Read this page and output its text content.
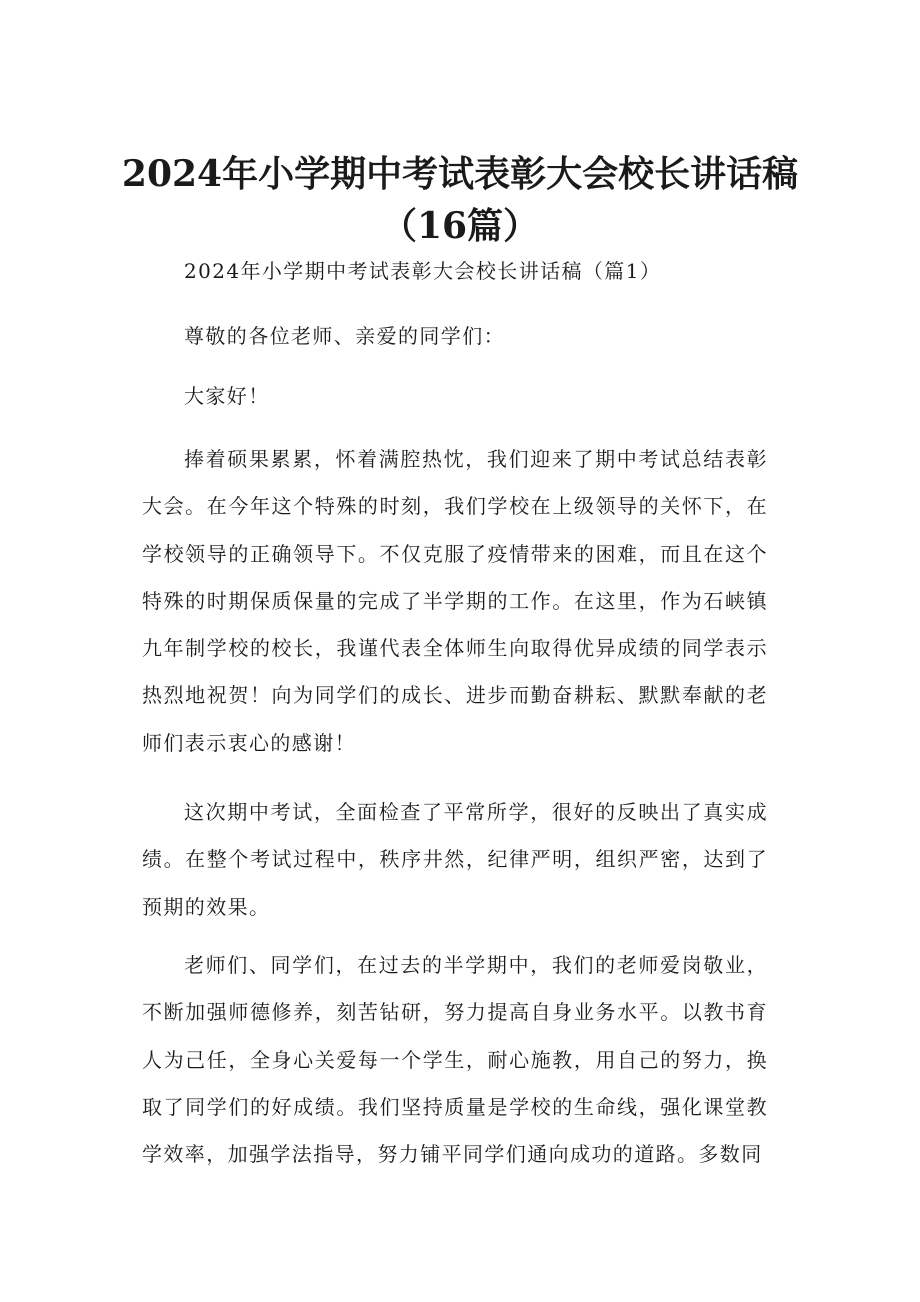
2024年小学期中考试表彰大会校长讲话稿
（16篇）

2024年小学期中考试表彰大会校长讲话稿（篇1）

尊敬的各位老师、亲爱的同学们：

大家好！

捧着硕果累累，怀着满腔热忱，我们迎来了期中考试总结表彰大会。在今年这个特殊的时刻，我们学校在上级领导的关怀下，在学校领导的正确领导下。不仅克服了疫情带来的困难，而且在这个特殊的时期保质保量的完成了半学期的工作。在这里，作为石峡镇九年制学校的校长，我谨代表全体师生向取得优异成绩的同学表示热烈地祝贺！向为同学们的成长、进步而勤奋耕耘、默默奉献的老师们表示衷心的感谢！

这次期中考试，全面检查了平常所学，很好的反映出了真实成绩。在整个考试过程中，秩序井然，纪律严明，组织严密，达到了预期的效果。

老师们、同学们，在过去的半学期中，我们的老师爱岗敬业，不断加强师德修养，刻苦钻研，努力提高自身业务水平。以教书育人为己任，全身心关爱每一个学生，耐心施教，用自己的努力，换取了同学们的好成绩。我们坚持质量是学校的生命线，强化课堂教学效率，加强学法指导，努力铺平同学们通向成功的道路。多数同
